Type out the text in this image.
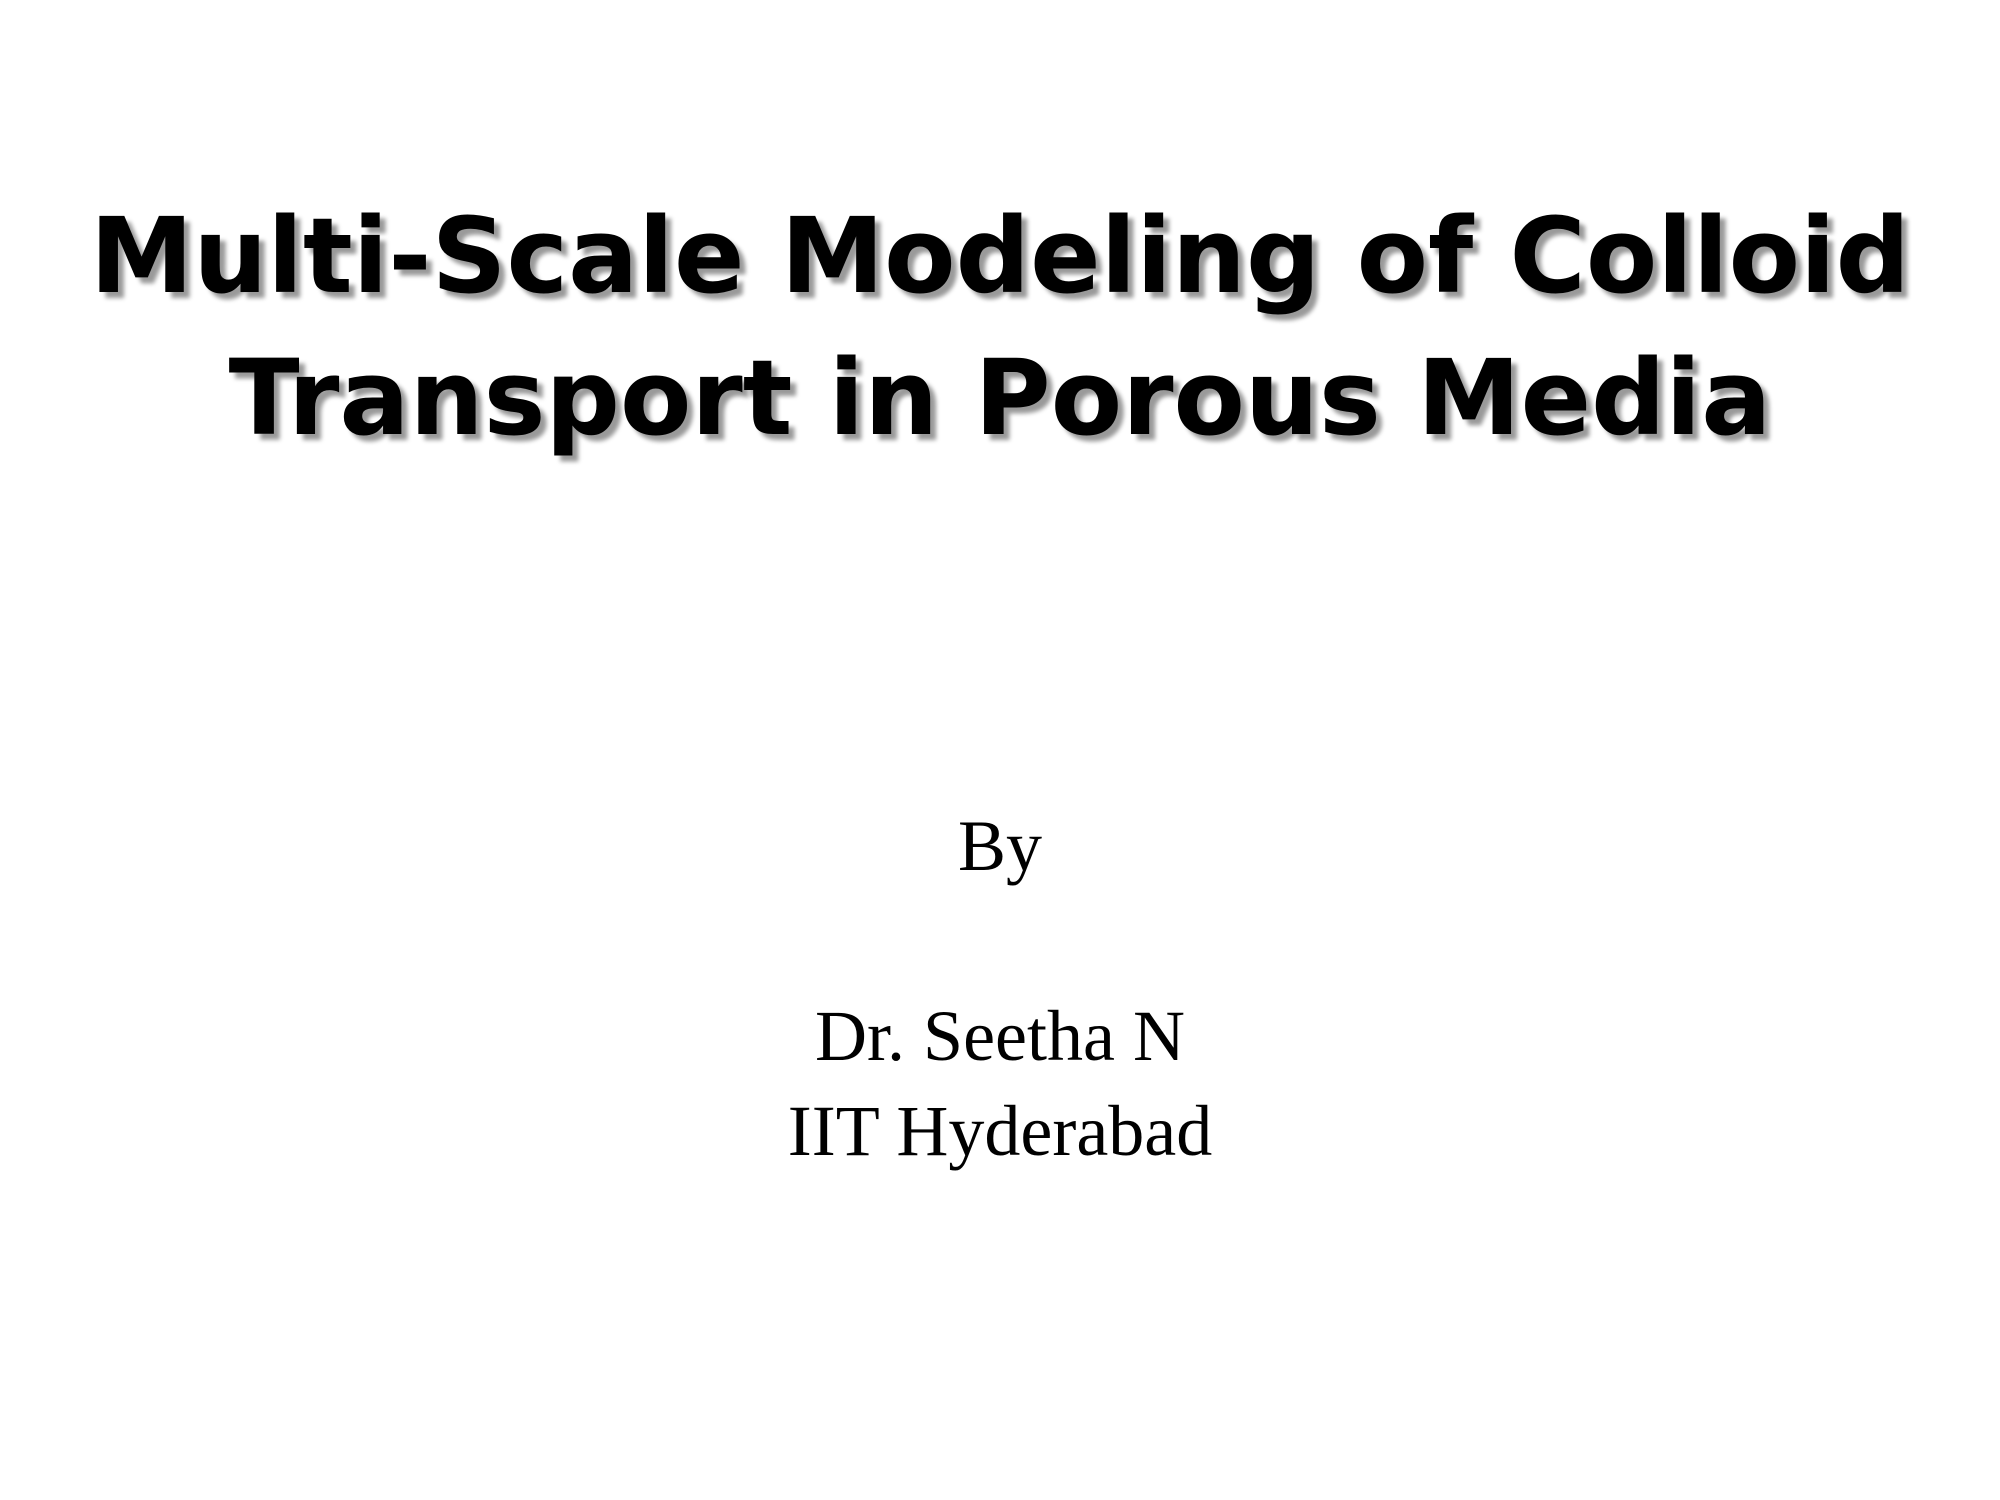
Multi-Scale Modeling of Colloid
Transport in Porous Media
By
Dr. Seetha N
IIT Hyderabad
